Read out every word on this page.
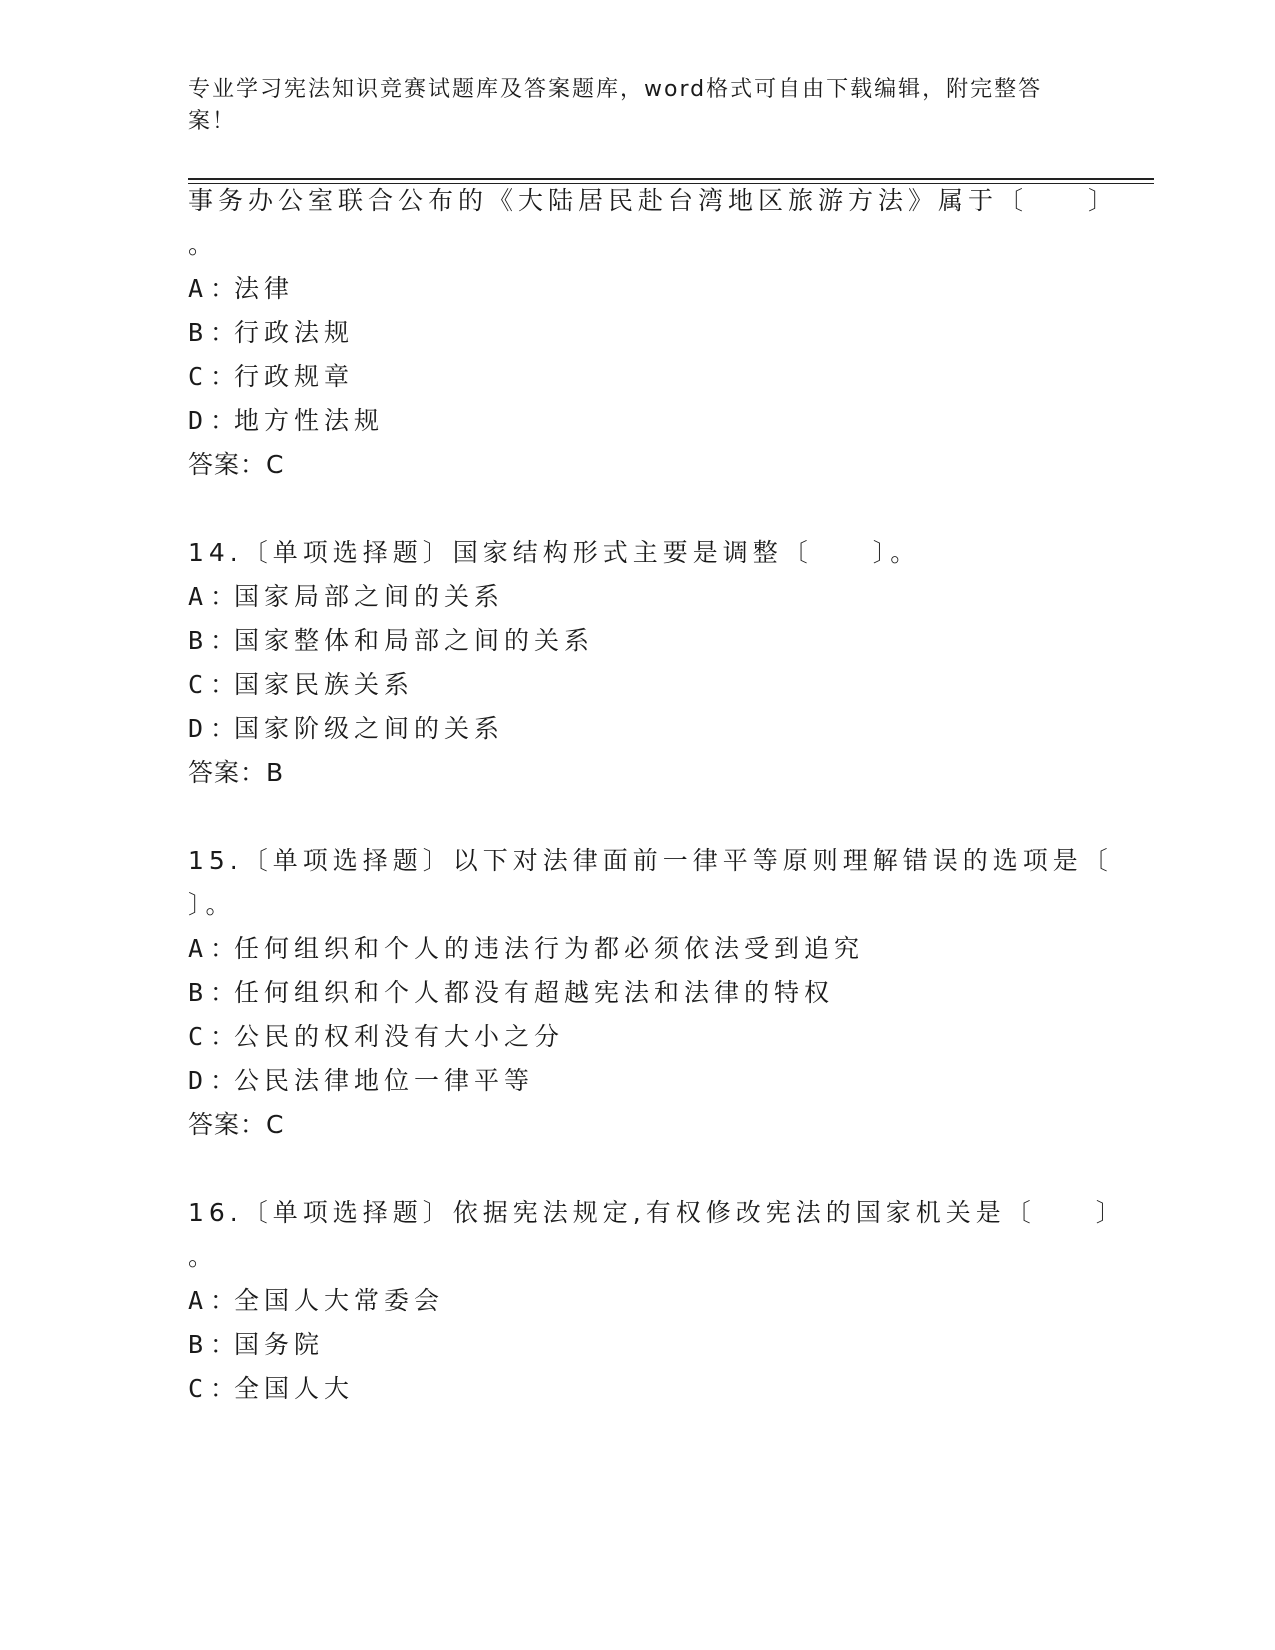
专业学习宪法知识竞赛试题库及答案题库，word格式可自由下载编辑，附完整答案！
事务办公室联合公布的《大陆居民赴台湾地区旅游方法》属于〔　　〕
。
A：法律
B：行政法规
C：行政规章
D：地方性法规
答案：C
14.〔单项选择题〕国家结构形式主要是调整〔　　〕。
A：国家局部之间的关系
B：国家整体和局部之间的关系
C：国家民族关系
D：国家阶级之间的关系
答案：B
15.〔单项选择题〕以下对法律面前一律平等原则理解错误的选项是〔
〕。
A：任何组织和个人的违法行为都必须依法受到追究
B：任何组织和个人都没有超越宪法和法律的特权
C：公民的权利没有大小之分
D：公民法律地位一律平等
答案：C
16.〔单项选择题〕依据宪法规定,有权修改宪法的国家机关是〔　　〕
。
A：全国人大常委会
B：国务院
C：全国人大
